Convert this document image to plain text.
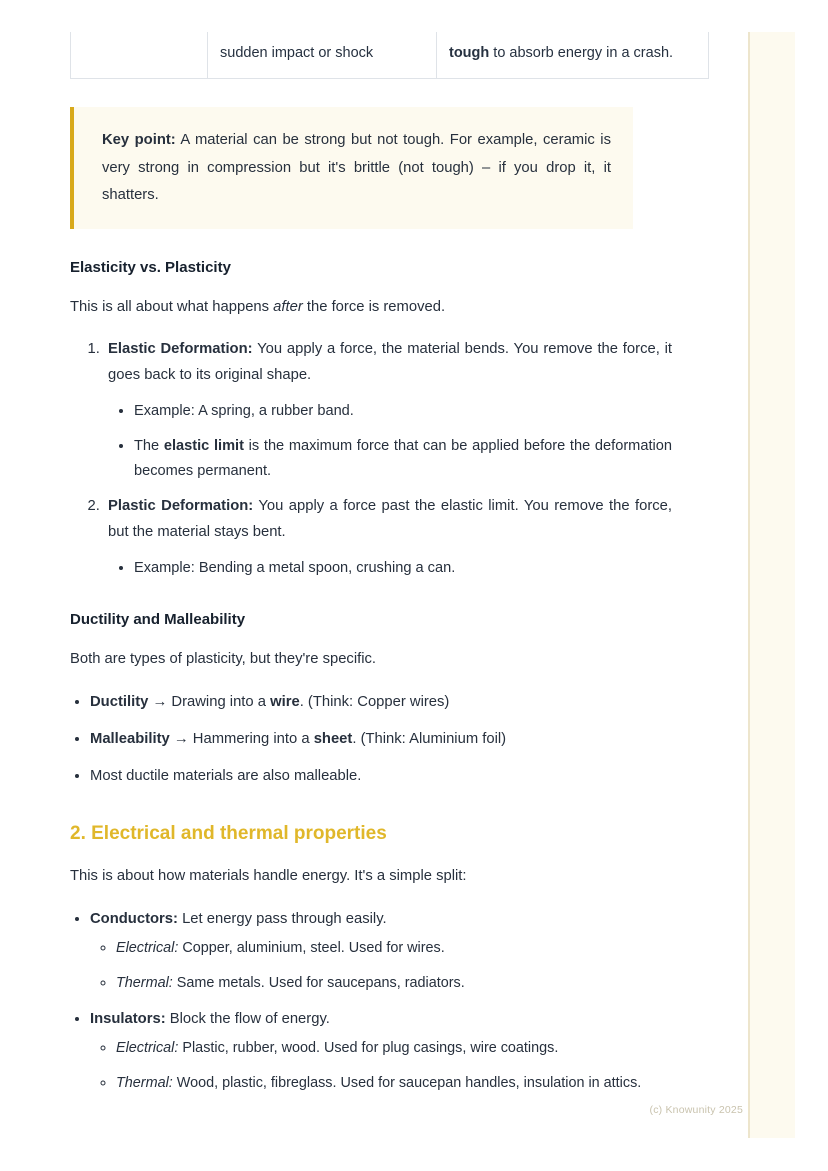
	sudden impact or shock	tough to absorb energy in a crash.

Key point: A material can be strong but not tough. For example, ceramic is very strong in compression but it's brittle (not tough) – if you drop it, it shatters.

Elasticity vs. Plasticity

This is all about what happens after the force is removed.

1. Elastic Deformation: You apply a force, the material bends. You remove the force, it goes back to its original shape.
• Example: A spring, a rubber band.
• The elastic limit is the maximum force that can be applied before the deformation becomes permanent.
2. Plastic Deformation: You apply a force past the elastic limit. You remove the force, but the material stays bent.
• Example: Bending a metal spoon, crushing a can.
Ductility and Malleability

Both are types of plasticity, but they're specific.

• Ductility → Drawing into a wire. (Think: Copper wires)
• Malleability → Hammering into a sheet. (Think: Aluminium foil)
• Most ductile materials are also malleable.
2. Electrical and thermal properties

This is about how materials handle energy. It's a simple split:

• Conductors: Let energy pass through easily.
◦ Electrical: Copper, aluminium, steel. Used for wires.
◦ Thermal: Same metals. Used for saucepans, radiators.
• Insulators: Block the flow of energy.
◦ Electrical: Plastic, rubber, wood. Used for plug casings, wire coatings.
◦ Thermal: Wood, plastic, fibreglass. Used for saucepan handles, insulation in attics.
(c) Knowunity 2025
